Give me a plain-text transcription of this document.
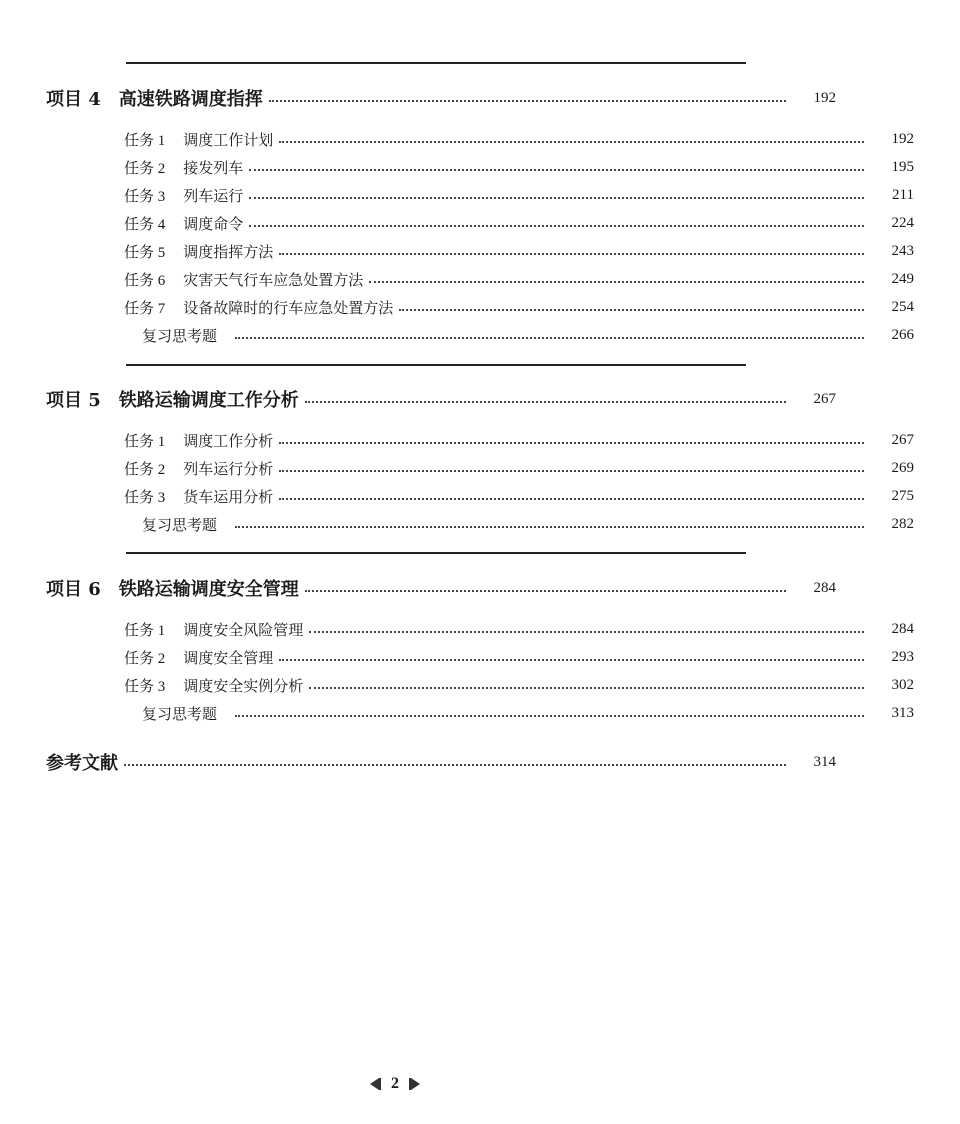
项目 4 高速铁路调度指挥	192
任务 1 调度工作计划	192
任务 2 接发列车	195
任务 3 列车运行	211
任务 4 调度命令	224
任务 5 调度指挥方法	243
任务 6 灾害天气行车应急处置方法	249
任务 7 设备故障时的行车应急处置方法	254
复习思考题	266
项目 5 铁路运输调度工作分析	267
任务 1 调度工作分析	267
任务 2 列车运行分析	269
任务 3 货车运用分析	275
复习思考题	282
项目 6 铁路运输调度安全管理	284
任务 1 调度安全风险管理	284
任务 2 调度安全管理	293
任务 3 调度安全实例分析	302
复习思考题	313
参考文献	314
2
